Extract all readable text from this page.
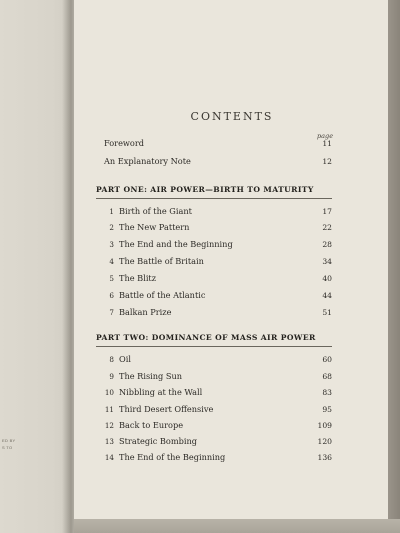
ED BY
S TO
CONTENTS
page
Foreword	11
An Explanatory Note	12
PART ONE: AIR POWER—BIRTH TO MATURITY
1 Birth of the Giant	17
2 The New Pattern	22
3 The End and the Beginning	28
4 The Battle of Britain	34
5 The Blitz	40
6 Battle of the Atlantic	44
7 Balkan Prize	51
PART TWO: DOMINANCE OF MASS AIR POWER
8 Oil	60
9 The Rising Sun	68
10 Nibbling at the Wall	83
11 Third Desert Offensive	95
12 Back to Europe	109
13 Strategic Bombing	120
14 The End of the Beginning	136
